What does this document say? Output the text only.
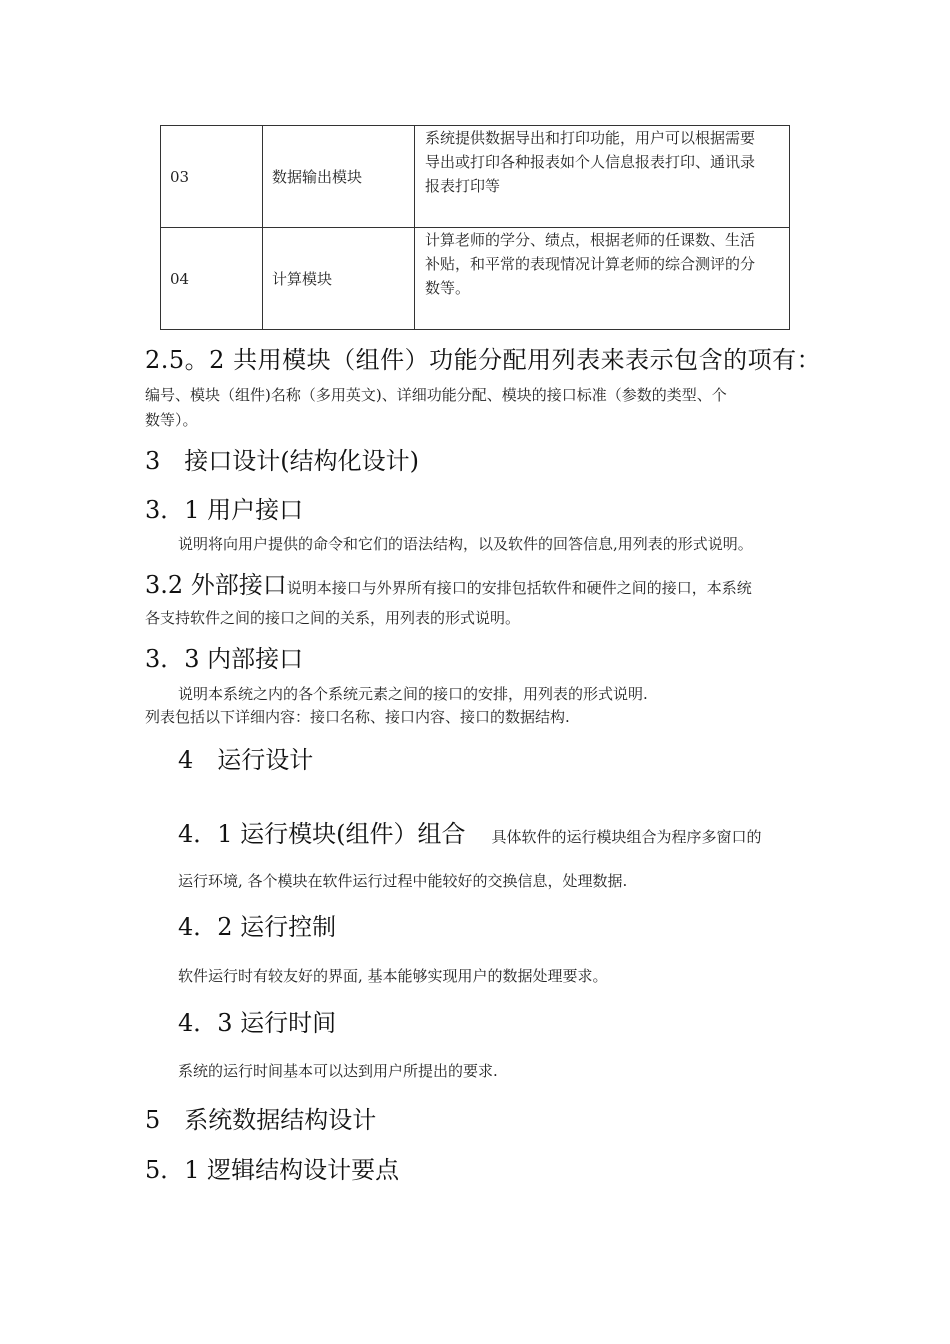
03	数据输出模块	系统提供数据导出和打印功能，用户可以根据需要
导出或打印各种报表如个人信息报表打印、通讯录
报表打印等

04	计算模块	计算老师的学分、绩点，根据老师的任课数、生活
补贴，和平常的表现情况计算老师的综合测评的分
数等。
2.5。2 共用模块（组件）功能分配用列表来表示包含的项有：
编号、模块（组件)名称（多用英文)、详细功能分配、模块的接口标准（参数的类型、个
数等）。
3　接口设计(结构化设计)
3．1 用户接口
说明将向用户提供的命令和它们的语法结构，以及软件的回答信息,用列表的形式说明。
3.2 外部接口说明本接口与外界所有接口的安排包括软件和硬件之间的接口，本系统
各支持软件之间的接口之间的关系，用列表的形式说明。
3．3 内部接口
说明本系统之内的各个系统元素之间的接口的安排，用列表的形式说明.
列表包括以下详细内容：接口名称、接口内容、接口的数据结构.
4　运行设计
4．1 运行模块(组件）组合 具体软件的运行模块组合为程序多窗口的
运行环境, 各个模块在软件运行过程中能较好的交换信息，处理数据.
4．2 运行控制
软件运行时有较友好的界面, 基本能够实现用户的数据处理要求。
4．3 运行时间
系统的运行时间基本可以达到用户所提出的要求.
5　系统数据结构设计
5．1 逻辑结构设计要点
